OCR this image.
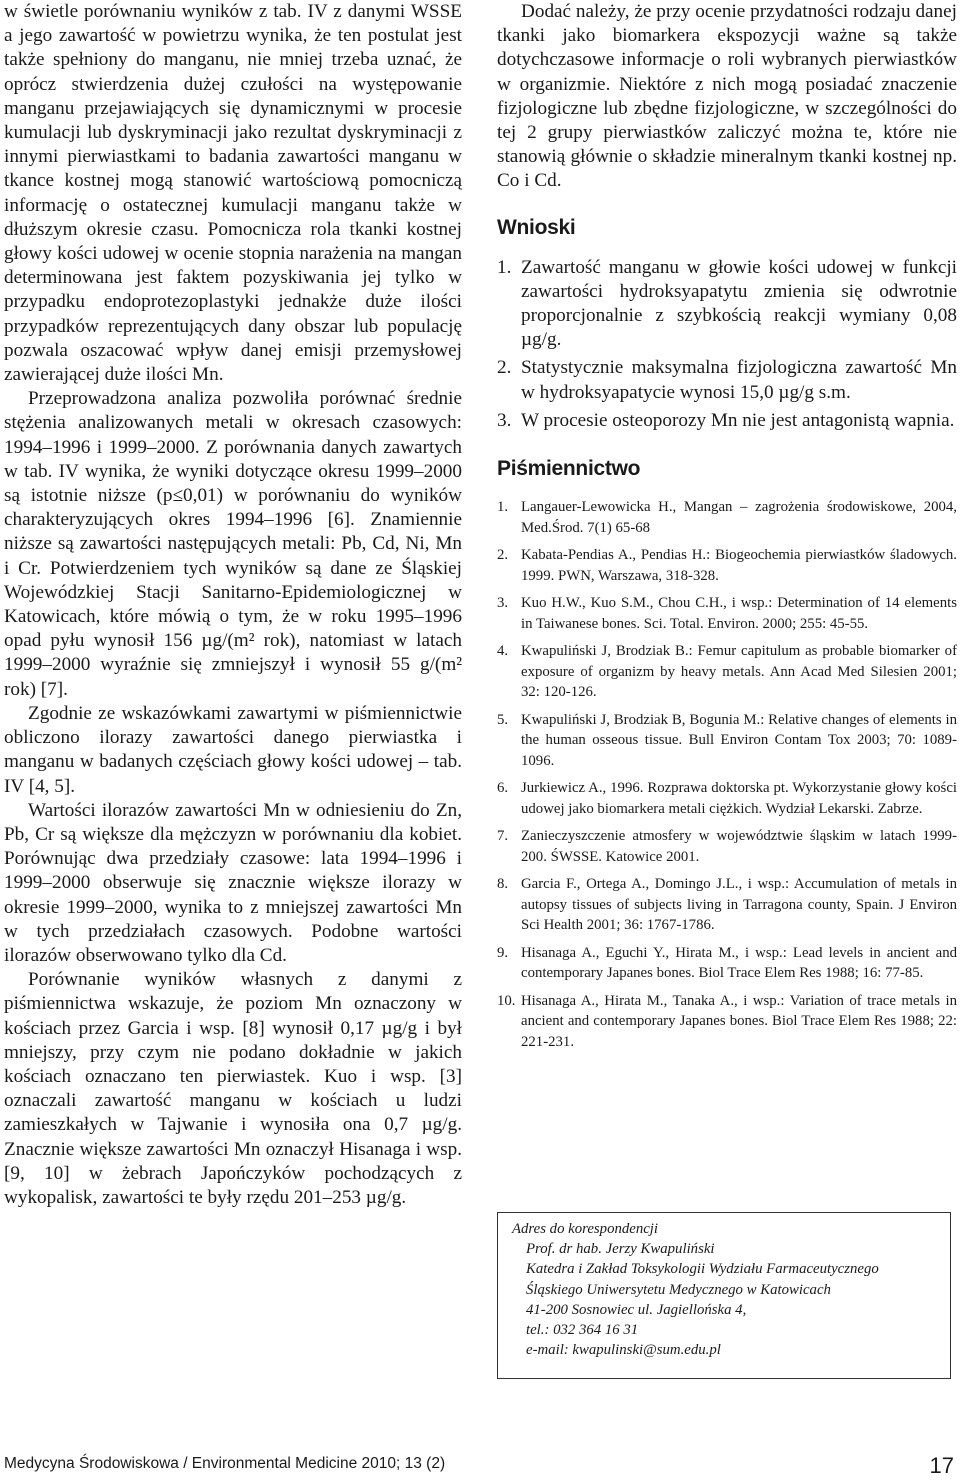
w świetle porównaniu wyników z tab. IV z danymi WSSE a jego zawartość w powietrzu wynika, że ten postulat jest także spełniony do manganu, nie mniej trzeba uznać, że oprócz stwierdzenia dużej czułości na występowanie manganu przejawiających się dynamicznymi w procesie kumulacji lub dyskryminacji jako rezultat dyskryminacji z innymi pierwiastkami to badania zawartości manganu w tkance kostnej mogą stanowić wartościową pomocniczą informację o ostatecznej kumulacji manganu także w dłuższym okresie czasu. Pomocnicza rola tkanki kostnej głowy kości udowej w ocenie stopnia narażenia na mangan determinowana jest faktem pozyskiwania jej tylko w przypadku endoprotezoplastyki jednakże duże ilości przypadków reprezentujących dany obszar lub populację pozwala oszacować wpływ danej emisji przemysłowej zawierającej duże ilości Mn.

Przeprowadzona analiza pozwoliła porównać średnie stężenia analizowanych metali w okresach czasowych: 1994–1996 i 1999–2000. Z porównania danych zawartych w tab. IV wynika, że wyniki dotyczące okresu 1999–2000 są istotnie niższe (p≤0,01) w porównaniu do wyników charakteryzujących okres 1994–1996 [6]. Znamiennie niższe są zawartości następujących metali: Pb, Cd, Ni, Mn i Cr. Potwierdzeniem tych wyników są dane ze Śląskiej Wojewódzkiej Stacji Sanitarno-Epidemiologicznej w Katowicach, które mówią o tym, że w roku 1995–1996 opad pyłu wynosił 156 µg/(m² rok), natomiast w latach 1999–2000 wyraźnie się zmniejszył i wynosił 55 g/(m² rok) [7].

Zgodnie ze wskazówkami zawartymi w piśmiennictwie obliczono ilorazy zawartości danego pierwiastka i manganu w badanych częściach głowy kości udowej – tab. IV [4, 5].

Wartości ilorazów zawartości Mn w odniesieniu do Zn, Pb, Cr są większe dla mężczyzn w porównaniu dla kobiet. Porównując dwa przedziały czasowe: lata 1994–1996 i 1999–2000 obserwuje się znacznie większe ilorazy w okresie 1999–2000, wynika to z mniejszej zawartości Mn w tych przedziałach czasowych. Podobne wartości ilorazów obserwowano tylko dla Cd.

Porównanie wyników własnych z danymi z piśmiennictwa wskazuje, że poziom Mn oznaczony w kościach przez Garcia i wsp. [8] wynosił 0,17 µg/g i był mniejszy, przy czym nie podano dokładnie w jakich kościach oznaczano ten pierwiastek. Kuo i wsp. [3] oznaczali zawartość manganu w kościach u ludzi zamieszkałych w Tajwanie i wynosiła ona 0,7 µg/g. Znacznie większe zawartości Mn oznaczył Hisanaga i wsp. [9, 10] w żebrach Japończyków pochodzących z wykopalisk, zawartości te były rzędu 201–253 µg/g.

Dodać należy, że przy ocenie przydatności rodzaju danej tkanki jako biomarkera ekspozycji ważne są także dotychczasowe informacje o roli wybranych pierwiastków w organizmie. Niektóre z nich mogą posiadać znaczenie fizjologiczne lub zbędne fizjologiczne, w szczególności do tej 2 grupy pierwiastków zaliczyć można te, które nie stanowią głównie o składzie mineralnym tkanki kostnej np. Co i Cd.

Wnioski
1. Zawartość manganu w głowie kości udowej w funkcji zawartości hydroksyapatytu zmienia się odwrotnie proporcjonalnie z szybkością reakcji wymiany 0,08 µg/g.
2. Statystycznie maksymalna fizjologiczna zawartość Mn w hydroksyapatycie wynosi 15,0 µg/g s.m.
3. W procesie osteoporozy Mn nie jest antagonistą wapnia.
Piśmiennictwo
1. Langauer-Lewowicka H., Mangan – zagrożenia środowiskowe, 2004, Med.Środ. 7(1) 65-68
2. Kabata-Pendias A., Pendias H.: Biogeochemia pierwiastków śladowych. 1999. PWN, Warszawa, 318-328.
3. Kuo H.W., Kuo S.M., Chou C.H., i wsp.: Determination of 14 elements in Taiwanese bones. Sci. Total. Environ. 2000; 255: 45-55.
4. Kwapuliński J, Brodziak B.: Femur capitulum as probable biomarker of exposure of organizm by heavy metals. Ann Acad Med Silesien 2001; 32: 120-126.
5. Kwapuliński J, Brodziak B, Bogunia M.: Relative changes of elements in the human osseous tissue. Bull Environ Contam Tox 2003; 70: 1089-1096.
6. Jurkiewicz A., 1996. Rozprawa doktorska pt. Wykorzystanie głowy kości udowej jako biomarkera metali ciężkich. Wydział Lekarski. Zabrze.
7. Zanieczyszczenie atmosfery w województwie śląskim w latach 1999-200. ŚWSSE. Katowice 2001.
8. Garcia F., Ortega A., Domingo J.L., i wsp.: Accumulation of metals in autopsy tissues of subjects living in Tarragona county, Spain. J Environ Sci Health 2001; 36: 1767-1786.
9. Hisanaga A., Eguchi Y., Hirata M., i wsp.: Lead levels in ancient and contemporary Japanes bones. Biol Trace Elem Res 1988; 16: 77-85.
10. Hisanaga A., Hirata M., Tanaka A., i wsp.: Variation of trace metals in ancient and contemporary Japanes bones. Biol Trace Elem Res 1988; 22: 221-231.
Adres do korespondencji
Prof. dr hab. Jerzy Kwapuliński
Katedra i Zakład Toksykologii Wydziału Farmaceutycznego
Śląskiego Uniwersytetu Medycznego w Katowicach
41-200 Sosnowiec ul. Jagiellońska 4,
tel.: 032 364 16 31
e-mail: kwapulinski@sum.edu.pl
Medycyna Środowiskowa / Environmental Medicine 2010; 13 (2)	17
